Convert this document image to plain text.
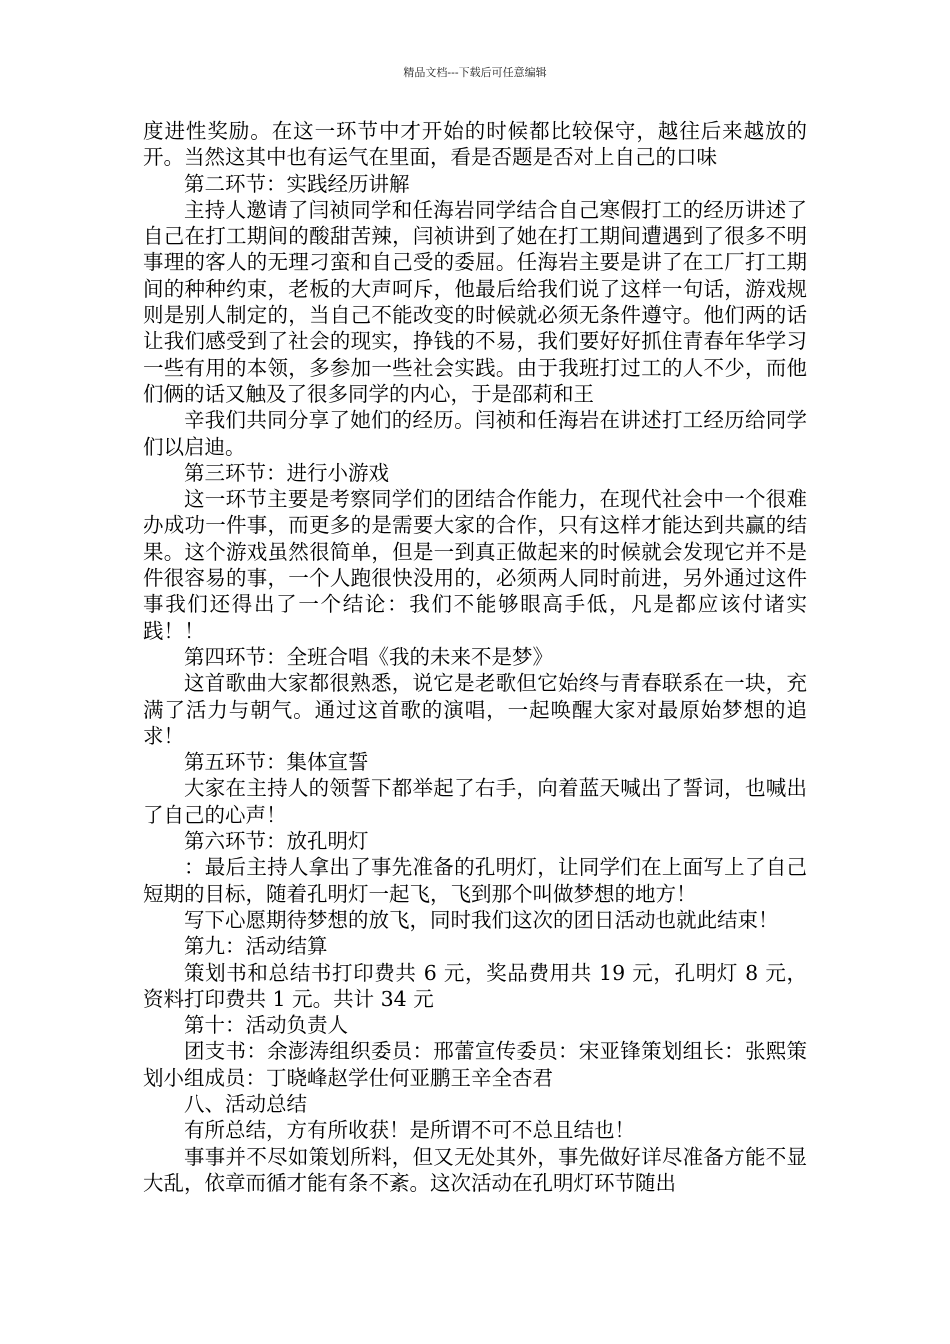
精品文档---下载后可任意编辑

度进性奖励。在这一环节中才开始的时候都比较保守，越往后来越放的开。当然这其中也有运气在里面，看是否题是否对上自己的口味

第二环节：实践经历讲解

主持人邀请了闫祯同学和任海岩同学结合自己寒假打工的经历讲述了自己在打工期间的酸甜苦辣，闫祯讲到了她在打工期间遭遇到了很多不明事理的客人的无理刁蛮和自己受的委屈。任海岩主要是讲了在工厂打工期间的种种约束，老板的大声呵斥，他最后给我们说了这样一句话，游戏规则是别人制定的，当自己不能改变的时候就必须无条件遵守。他们两的话让我们感受到了社会的现实，挣钱的不易，我们要好好抓住青春年华学习一些有用的本领，多参加一些社会实践。由于我班打过工的人不少，而他们俩的话又触及了很多同学的内心，于是邵莉和王

辛我们共同分享了她们的经历。闫祯和任海岩在讲述打工经历给同学们以启迪。

第三环节：进行小游戏

这一环节主要是考察同学们的团结合作能力，在现代社会中一个很难办成功一件事，而更多的是需要大家的合作，只有这样才能达到共赢的结果。这个游戏虽然很简单，但是一到真正做起来的时候就会发现它并不是件很容易的事，一个人跑很快没用的，必须两人同时前进，另外通过这件事我们还得出了一个结论：我们不能够眼高手低，凡是都应该付诸实践！！

第四环节：全班合唱《我的未来不是梦》

这首歌曲大家都很熟悉，说它是老歌但它始终与青春联系在一块，充满了活力与朝气。通过这首歌的演唱，一起唤醒大家对最原始梦想的追求！

第五环节：集体宣誓

大家在主持人的领誓下都举起了右手，向着蓝天喊出了誓词，也喊出了自己的心声！

第六环节：放孔明灯

：最后主持人拿出了事先准备的孔明灯，让同学们在上面写上了自己短期的目标，随着孔明灯一起飞，飞到那个叫做梦想的地方！

写下心愿期待梦想的放飞，同时我们这次的团日活动也就此结束！

第九：活动结算

策划书和总结书打印费共 6 元，奖品费用共 19 元，孔明灯 8 元，资料打印费共 1 元。共计 34 元

第十：活动负责人

团支书：余澎涛组织委员：邢蕾宣传委员：宋亚锋策划组长：张熙策划小组成员：丁晓峰赵学仕何亚鹏王辛全杏君

八、活动总结

有所总结，方有所收获！是所谓不可不总且结也！

事事并不尽如策划所料，但又无处其外，事先做好详尽准备方能不显大乱，依章而循才能有条不紊。这次活动在孔明灯环节随出
